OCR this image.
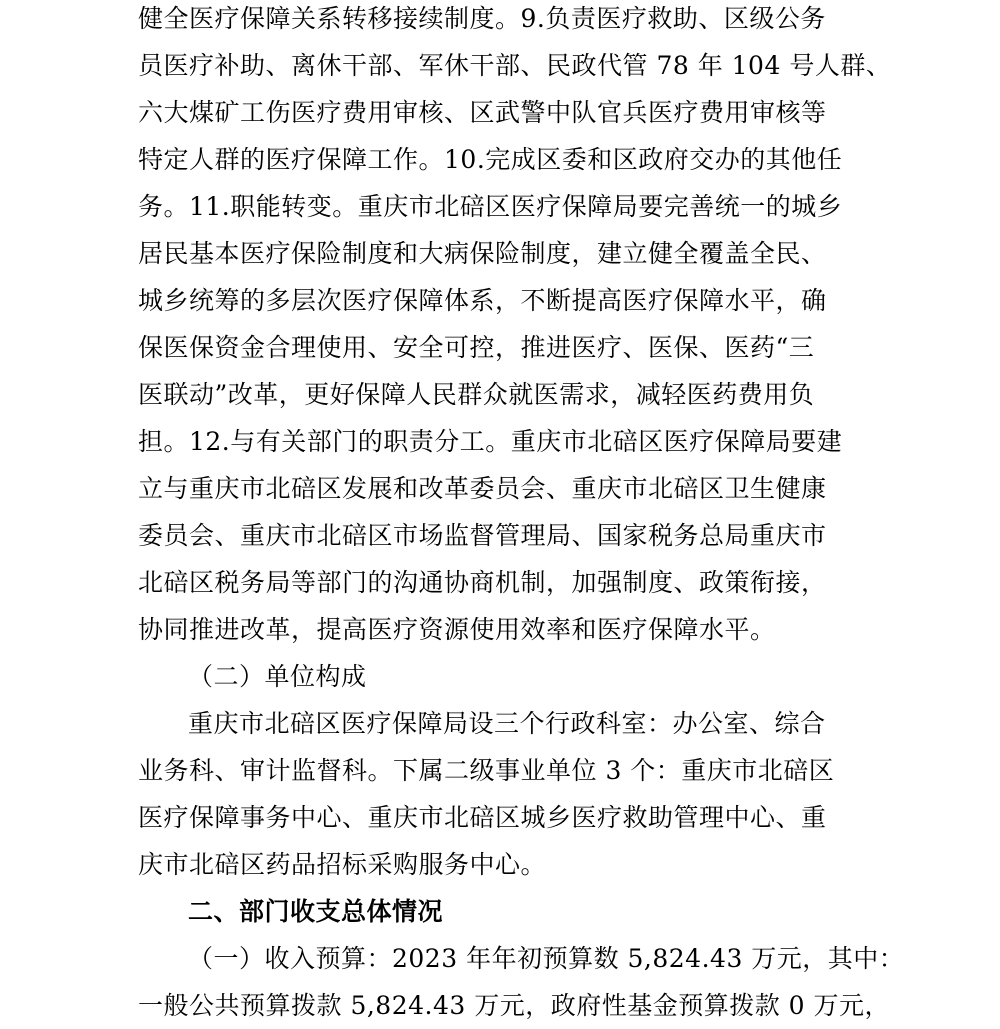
健全医疗保障关系转移接续制度。9.负责医疗救助、区级公务
员医疗补助、离休干部、军休干部、民政代管 78 年 104 号人群、
六大煤矿工伤医疗费用审核、区武警中队官兵医疗费用审核等
特定人群的医疗保障工作。10.完成区委和区政府交办的其他任
务。11.职能转变。重庆市北碚区医疗保障局要完善统一的城乡
居民基本医疗保险制度和大病保险制度，建立健全覆盖全民、
城乡统筹的多层次医疗保障体系，不断提高医疗保障水平，确
保医保资金合理使用、安全可控，推进医疗、医保、医药“三
医联动”改革，更好保障人民群众就医需求，减轻医药费用负
担。12.与有关部门的职责分工。重庆市北碚区医疗保障局要建
立与重庆市北碚区发展和改革委员会、重庆市北碚区卫生健康
委员会、重庆市北碚区市场监督管理局、国家税务总局重庆市
北碚区税务局等部门的沟通协商机制，加强制度、政策衔接，
协同推进改革，提高医疗资源使用效率和医疗保障水平。
（二）单位构成
重庆市北碚区医疗保障局设三个行政科室：办公室、综合
业务科、审计监督科。下属二级事业单位 3 个：重庆市北碚区
医疗保障事务中心、重庆市北碚区城乡医疗救助管理中心、重
庆市北碚区药品招标采购服务中心。
二、部门收支总体情况
（一）收入预算：2023 年年初预算数 5,824.43 万元，其中：
一般公共预算拨款 5,824.43 万元，政府性基金预算拨款 0 万元，
